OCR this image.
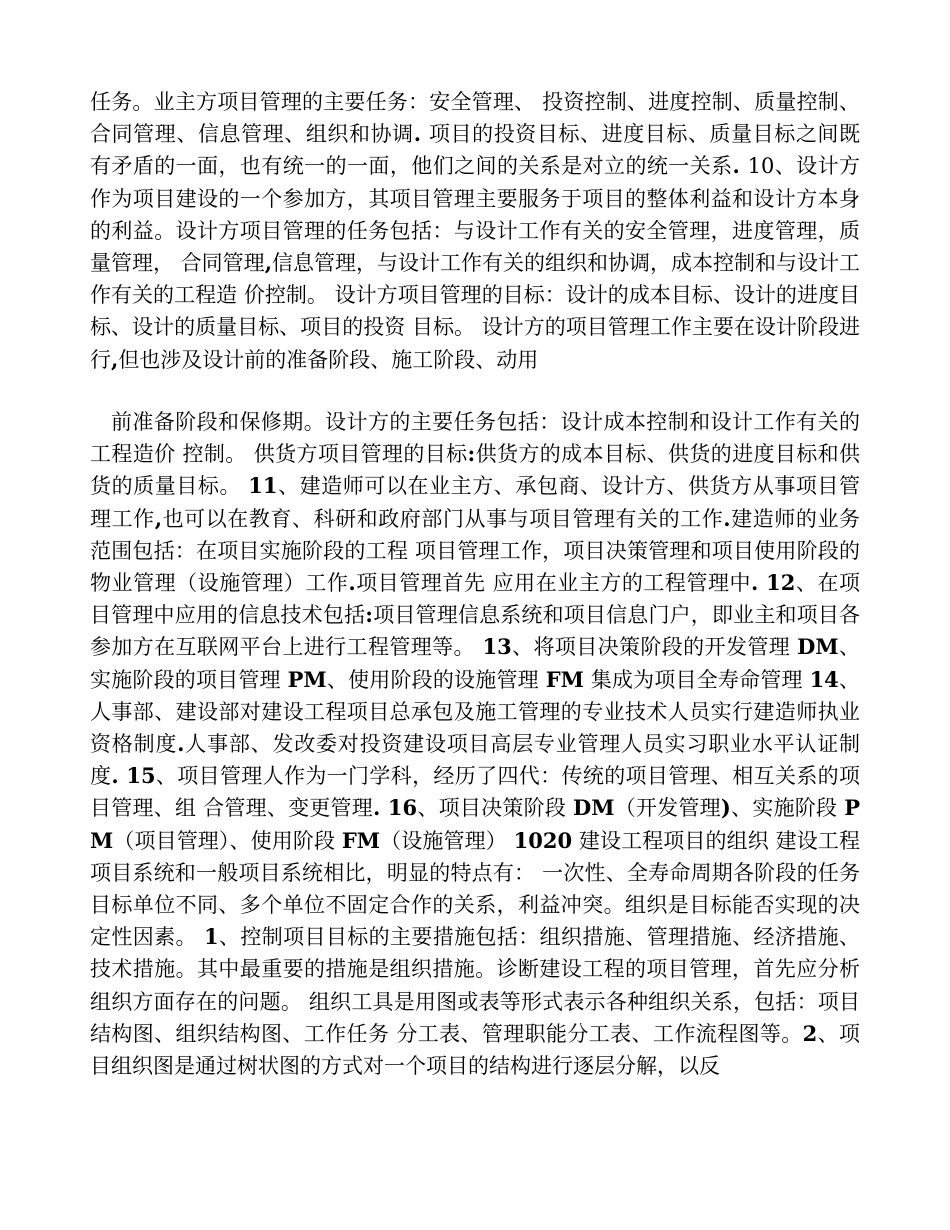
任务。业主方项目管理的主要任务：安全管理、 投资控制、进度控制、质量控制、合同管理、信息管理、组织和协调. 项目的投资目标、进度目标、质量目标之间既有矛盾的一面，也有统一的一面，他们之间的关系是对立的统一关系. 10、设计方作为项目建设的一个参加方，其项目管理主要服务于项目的整体利益和设计方本身的利益。设计方项目管理的任务包括：与设计工作有关的安全管理，进度管理，质量管理， 合同管理,信息管理，与设计工作有关的组织和协调，成本控制和与设计工作有关的工程造 价控制。 设计方项目管理的目标：设计的成本目标、设计的进度目标、设计的质量目标、项目的投资 目标。 设计方的项目管理工作主要在设计阶段进行,但也涉及设计前的准备阶段、施工阶段、动用

前准备阶段和保修期。设计方的主要任务包括：设计成本控制和设计工作有关的工程造价 控制。 供货方项目管理的目标:供货方的成本目标、供货的进度目标和供货的质量目标。 11、建造师可以在业主方、承包商、设计方、供货方从事项目管理工作,也可以在教育、科研和政府部门从事与项目管理有关的工作.建造师的业务范围包括：在项目实施阶段的工程 项目管理工作，项目决策管理和项目使用阶段的物业管理（设施管理）工作.项目管理首先 应用在业主方的工程管理中. 12、在项目管理中应用的信息技术包括:项目管理信息系统和项目信息门户，即业主和项目各参加方在互联网平台上进行工程管理等。 13、将项目决策阶段的开发管理 DM、实施阶段的项目管理 PM、使用阶段的设施管理 FM 集成为项目全寿命管理 14、人事部、建设部对建设工程项目总承包及施工管理的专业技术人员实行建造师执业资格制度.人事部、发改委对投资建设项目高层专业管理人员实习职业水平认证制度. 15、项目管理人作为一门学科，经历了四代：传统的项目管理、相互关系的项目管理、组 合管理、变更管理. 16、项目决策阶段 DM（开发管理)、实施阶段 PM（项目管理）、使用阶段 FM（设施管理） 1020 建设工程项目的组织 建设工程项目系统和一般项目系统相比，明显的特点有： 一次性、全寿命周期各阶段的任务 目标单位不同、多个单位不固定合作的关系，利益冲突。组织是目标能否实现的决定性因素。 1、控制项目目标的主要措施包括：组织措施、管理措施、经济措施、技术措施。其中最重要的措施是组织措施。诊断建设工程的项目管理，首先应分析组织方面存在的问题。 组织工具是用图或表等形式表示各种组织关系，包括：项目结构图、组织结构图、工作任务 分工表、管理职能分工表、工作流程图等。2、项目组织图是通过树状图的方式对一个项目的结构进行逐层分解，以反
